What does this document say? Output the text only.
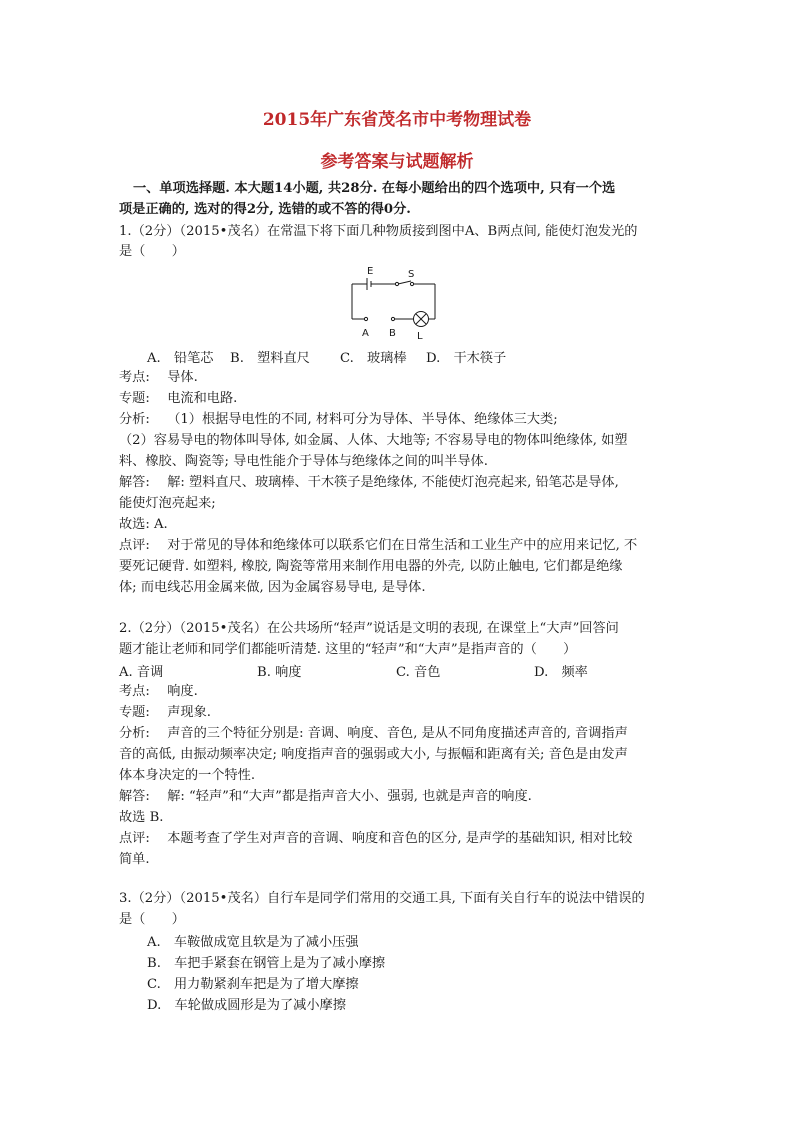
2015年广东省茂名市中考物理试卷
参考答案与试题解析
一、单项选择题. 本大题14小题, 共28分. 在每小题给出的四个选项中, 只有一个选
项是正确的, 选对的得2分, 选错的或不答的得0分.
1.（2分）（2015•茂名）在常温下将下面几种物质接到图中A、B两点间, 能使灯泡发光的
是（　　）
E	S
A B L
A.　铅笔芯 B.　塑料直尺 C.　玻璃棒 D.　干木筷子
考点:　 导体.
专题:　 电流和电路.
分析:　 （1）根据导电性的不同, 材料可分为导体、半导体、绝缘体三大类;
（2）容易导电的物体叫导体, 如金属、人体、大地等; 不容易导电的物体叫绝缘体, 如塑
料、橡胶、陶瓷等; 导电性能介于导体与绝缘体之间的叫半导体.
解答:　 解: 塑料直尺、玻璃棒、干木筷子是绝缘体, 不能使灯泡亮起来, 铅笔芯是导体,
能使灯泡亮起来;
故选: A.
点评:　 对于常见的导体和绝缘体可以联系它们在日常生活和工业生产中的应用来记忆, 不
要死记硬背. 如塑料, 橡胶, 陶瓷等常用来制作用电器的外壳, 以防止触电, 它们都是绝缘
体; 而电线芯用金属来做, 因为金属容易导电, 是导体.
2.（2分）（2015•茂名）在公共场所“轻声”说话是文明的表现, 在课堂上“大声”回答问
题才能让老师和同学们都能听清楚. 这里的“轻声”和“大声”是指声音的（　　）
A. 音调	B. 响度	C. 音色	D.　频率
考点:　 响度.
专题:　 声现象.
分析:　 声音的三个特征分别是: 音调、响度、音色, 是从不同角度描述声音的, 音调指声
音的高低, 由振动频率决定; 响度指声音的强弱或大小, 与振幅和距离有关; 音色是由发声
体本身决定的一个特性.
解答:　 解: “轻声”和“大声”都是指声音大小、强弱, 也就是声音的响度.
故选 B.
点评:　 本题考查了学生对声音的音调、响度和音色的区分, 是声学的基础知识, 相对比较
简单.
3.（2分）（2015•茂名）自行车是同学们常用的交通工具, 下面有关自行车的说法中错误的
是（　　）
A.　车鞍做成宽且软是为了减小压强
B.　车把手紧套在钢管上是为了减小摩擦
C.　用力勒紧刹车把是为了增大摩擦
D.　车轮做成圆形是为了减小摩擦
